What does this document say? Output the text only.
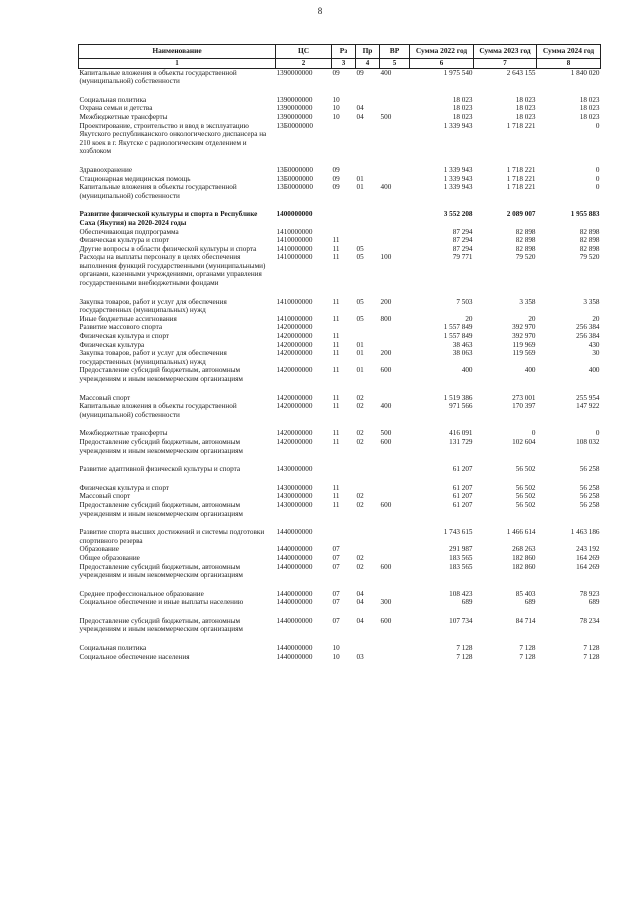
8
Наименование	ЦС	Рз	Пр	ВР	Сумма 2022 год	Сумма 2023 год	Сумма 2024 год
1	2	3	4	5	6	7	8
Капитальные вложения в объекты государственной (муниципальной) собственности	1390000000	09	09	400	1 975 540	2 643 155	1 840 020

Социальная политика	1390000000	10			18 023	18 023	18 023
Охрана семьи и детства	1390000000	10	04		18 023	18 023	18 023
Межбюджетные трансферты	1390000000	10	04	500	18 023	18 023	18 023
Проектирование, строительство и ввод в эксплуатацию Якутского республиканского онкологического диспансера на 210 коек в г. Якутске с радиологическим отделением и хозблоком	13Б0000000				1 339 943	1 718 221	0

Здравоохранение	13Б0000000	09			1 339 943	1 718 221	0
Стационарная медицинская помощь	13Б0000000	09	01		1 339 943	1 718 221	0
Капитальные вложения в объекты государственной (муниципальной) собственности	13Б0000000	09	01	400	1 339 943	1 718 221	0

Развитие физической культуры и спорта в Республике Саха (Якутия) на 2020-2024 годы	1400000000				3 552 208	2 089 007	1 955 883
Обеспечивающая подпрограмма	1410000000				87 294	82 898	82 898
Физическая культура и спорт	1410000000	11			87 294	82 898	82 898
Другие вопросы в области физической культуры и спорта	1410000000	11	05		87 294	82 898	82 898
Расходы на выплаты персоналу в целях обеспечения выполнения функций государственными (муниципальными) органами, казенными учреждениями, органами управления государственными внебюджетными фондами	1410000000	11	05	100	79 771	79 520	79 520

Закупка товаров, работ и услуг для обеспечения государственных (муниципальных) нужд	1410000000	11	05	200	7 503	3 358	3 358
Иные бюджетные ассигнования	1410000000	11	05	800	20	20	20
Развитие массового спорта	1420000000				1 557 849	392 970	256 384
Физическая культура и спорт	1420000000	11			1 557 849	392 970	256 384
Физическая культура	1420000000	11	01		38 463	119 969	430
Закупка товаров, работ и услуг для обеспечения государственных (муниципальных) нужд	1420000000	11	01	200	38 063	119 569	30
Предоставление субсидий бюджетным, автономным учреждениям и иным некоммерческим организациям	1420000000	11	01	600	400	400	400

Массовый спорт	1420000000	11	02		1 519 386	273 001	255 954
Капитальные вложения в объекты государственной (муниципальной) собственности	1420000000	11	02	400	971 566	170 397	147 922

Межбюджетные трансферты	1420000000	11	02	500	416 091	0	0
Предоставление субсидий бюджетным, автономным учреждениям и иным некоммерческим организациям	1420000000	11	02	600	131 729	102 604	108 032

Развитие адаптивной физической культуры и спорта	1430000000				61 207	56 502	56 258

Физическая культура и спорт	1430000000	11			61 207	56 502	56 258
Массовый спорт	1430000000	11	02		61 207	56 502	56 258
Предоставление субсидий бюджетным, автономным учреждениям и иным некоммерческим организациям	1430000000	11	02	600	61 207	56 502	56 258

Развитие спорта высших достижений и системы подготовки спортивного резерва	1440000000				1 743 615	1 466 614	1 463 186
Образование	1440000000	07			291 987	268 263	243 192
Общее образование	1440000000	07	02		183 565	182 860	164 269
Предоставление субсидий бюджетным, автономным учреждениям и иным некоммерческим организациям	1440000000	07	02	600	183 565	182 860	164 269

Среднее профессиональное образование	1440000000	07	04		108 423	85 403	78 923
Социальное обеспечение и иные выплаты населению	1440000000	07	04	300	689	689	689

Предоставление субсидий бюджетным, автономным учреждениям и иным некоммерческим организациям	1440000000	07	04	600	107 734	84 714	78 234

Социальная политика	1440000000	10			7 128	7 128	7 128
Социальное обеспечение населения	1440000000	10	03		7 128	7 128	7 128
